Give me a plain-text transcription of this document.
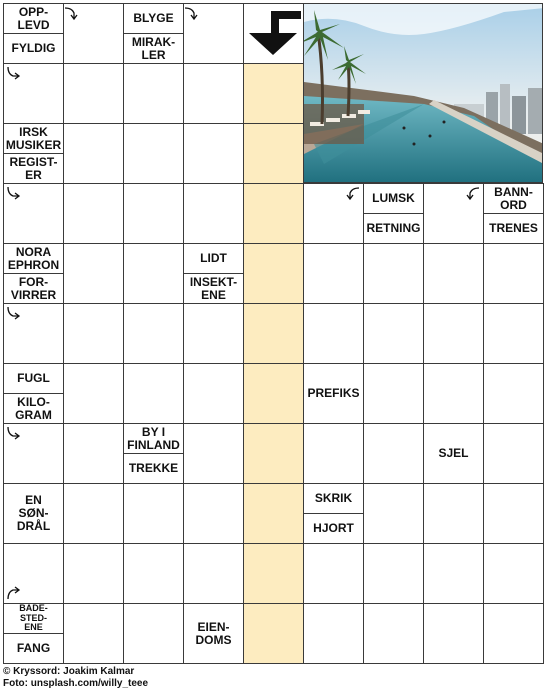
OPP-
LEVD
FYLDIG
BLYGE
MIRAK-
LER
IRSK
MUSIKER
REGIST-
ER
LUMSK
RETNING
BANN-
ORD
TRENES
NORA
EPHRON
FOR-
VIRRER
LIDT
INSEKT-
ENE
FUGL
KILO-
GRAM
PREFIKS
BY I
FINLAND
TREKKE
SJEL
EN
SØN-
DRÅL
SKRIK
HJORT
BADE-
STED-
ENE
FANG
EIEN-
DOMS
© Kryssord: Joakim Kalmar
Foto: unsplash.com/willy_teee
